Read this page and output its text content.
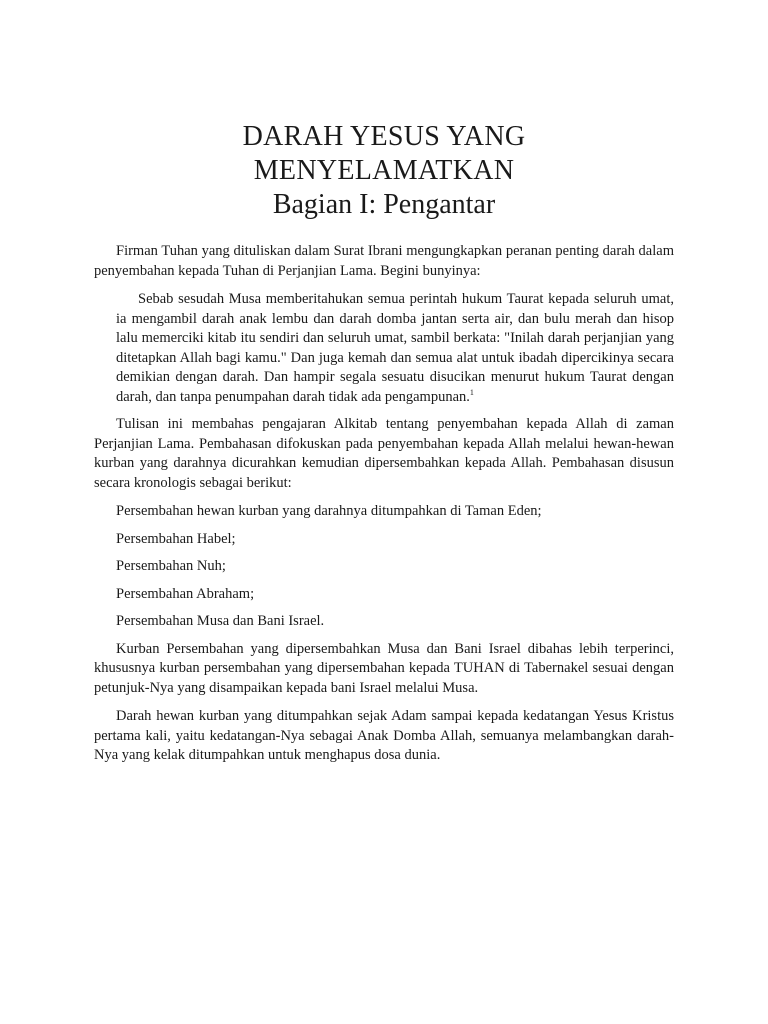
DARAH YESUS YANG
MENYELAMATKAN
Bagian I: Pengantar

Firman Tuhan yang dituliskan dalam Surat Ibrani mengungkapkan peranan penting darah dalam penyembahan kepada Tuhan di Perjanjian Lama. Begini bunyinya:

Sebab sesudah Musa memberitahukan semua perintah hukum Taurat kepada seluruh umat, ia mengambil darah anak lembu dan darah domba jantan serta air, dan bulu merah dan hisop lalu memerciki kitab itu sendiri dan seluruh umat, sambil berkata: "Inilah darah perjanjian yang ditetapkan Allah bagi kamu." Dan juga kemah dan semua alat untuk ibadah dipercikinya secara demikian dengan darah. Dan hampir segala sesuatu disucikan menurut hukum Taurat dengan darah, dan tanpa penumpahan darah tidak ada pengampunan.$^1$

Tulisan ini membahas pengajaran Alkitab tentang penyembahan kepada Allah di zaman Perjanjian Lama. Pembahasan difokuskan pada penyembahan kepada Allah melalui hewan-hewan kurban yang darahnya dicurahkan kemudian dipersembahkan kepada Allah. Pembahasan disusun secara kronologis sebagai berikut:

Persembahan hewan kurban yang darahnya ditumpahkan di Taman Eden;

Persembahan Habel;

Persembahan Nuh;

Persembahan Abraham;

Persembahan Musa dan Bani Israel.

Kurban Persembahan yang dipersembahkan Musa dan Bani Israel dibahas lebih terperinci, khususnya kurban persembahan yang dipersembahan kepada TUHAN di Tabernakel sesuai dengan petunjuk-Nya yang disampaikan kepada bani Israel melalui Musa.

Darah hewan kurban yang ditumpahkan sejak Adam sampai kepada kedatangan Yesus Kristus pertama kali, yaitu kedatangan-Nya sebagai Anak Domba Allah, semuanya melambangkan darah-Nya yang kelak ditumpahkan untuk menghapus dosa dunia.
